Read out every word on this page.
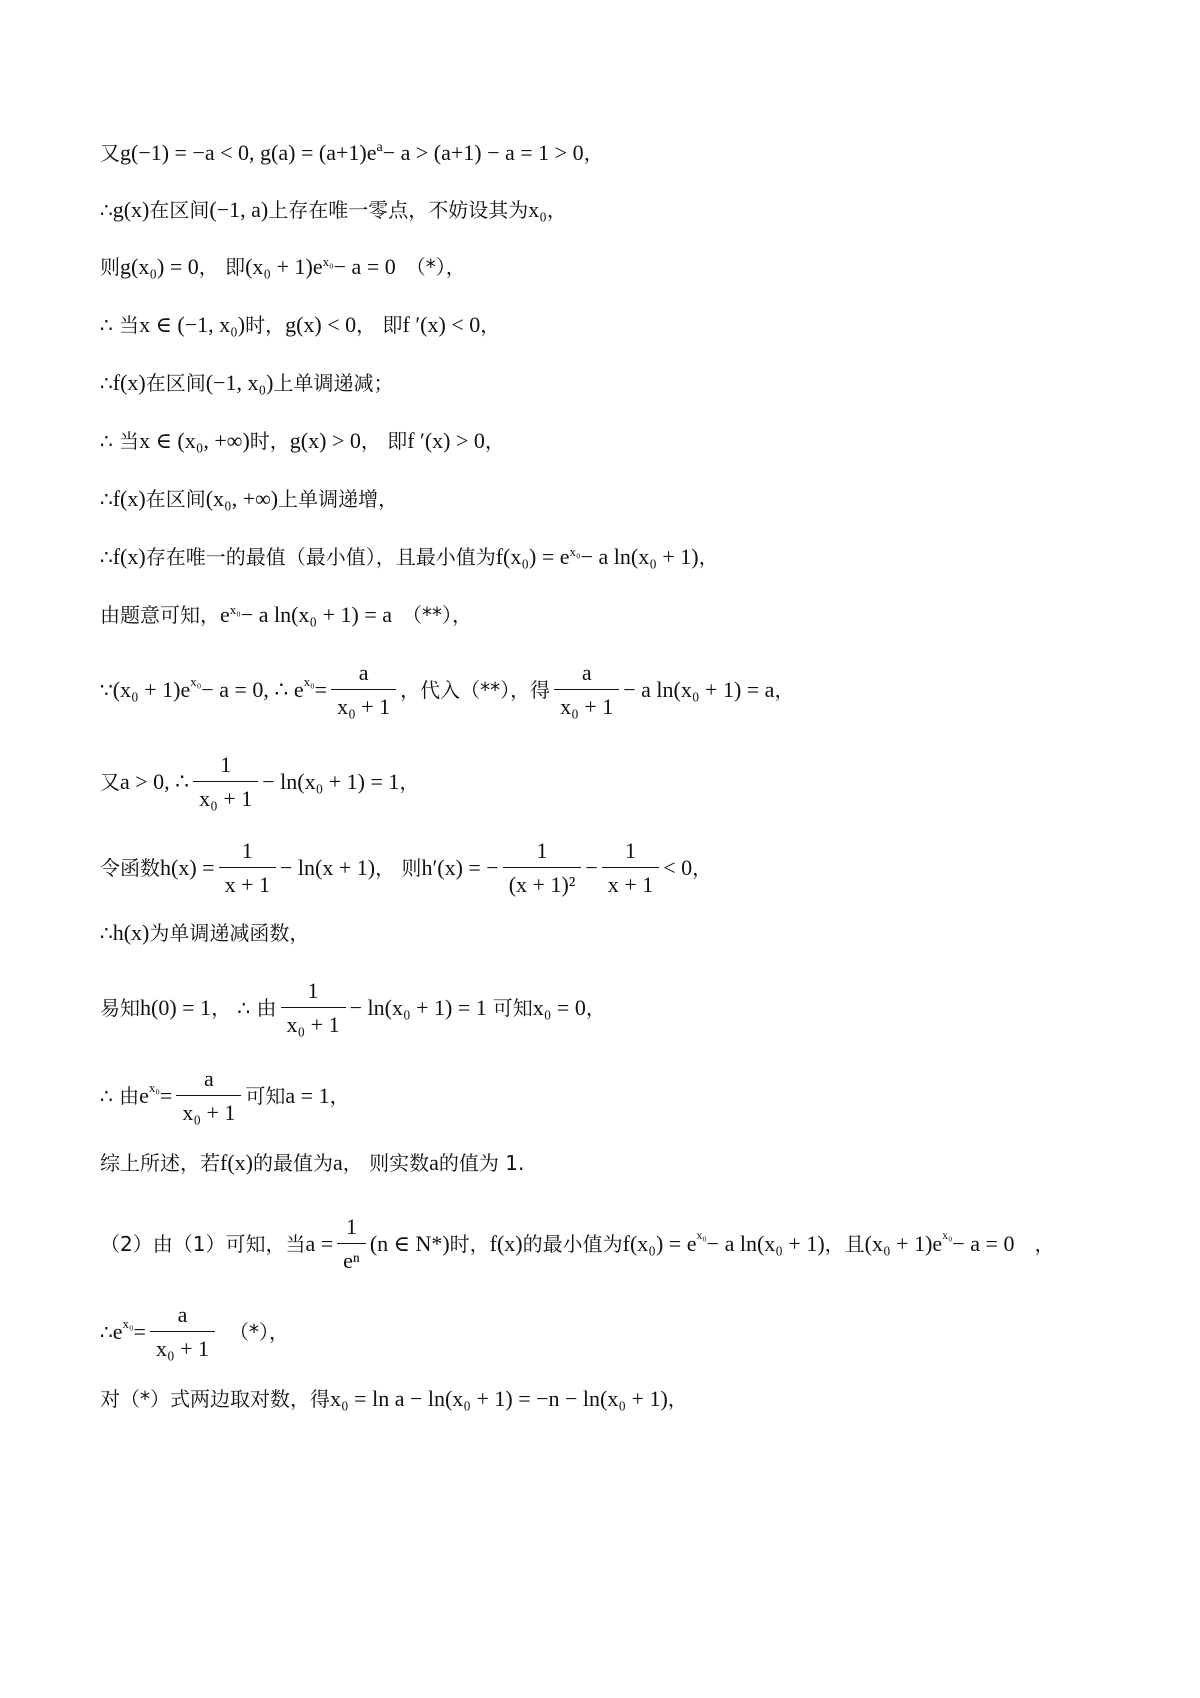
又 g(−1) = −a < 0, $g(a) = (a+1)e^a - a > (a+1) - a = 1 > 0$ ，
∴ g(x) 在区间 (−1, a) 上存在唯一零点，不妨设其为 x₀ ，
则 g(x₀) = 0 ， 即 $(x_0 + 1)e^{x_0} - a = 0$ （*），
∴ 当 x ∈ (−1, x₀) 时， g(x) < 0 ， 即 f ′(x) < 0 ，
∴ f(x) 在区间 (−1, x₀) 上单调递减；
∴ 当 x ∈ (x₀, +∞) 时， g(x) > 0 ， 即 f ′(x) > 0 ，
∴ f(x) 在区间 (x₀, +∞) 上单调递增，
∴ f(x) 存在唯一的最值（最小值），且最小值为 $f(x_0) = e^{x_0} - a$ ln(x₀ + 1) ，
由题意可知， $e^{x_0} - a$ ln(x₀ + 1) = a （**），
∵ $(x_0 + 1)e^{x_0} - a = 0$, ∴ $e^{x_0} = \frac{a}{\text{x₀ + 1}}$ ，代入（**），得 $\frac{a}{\text{x₀ + 1}} - a$ ln(x₀ + 1) = a ，
又 a > 0, ∴ $\frac{1}{\text{x₀ + 1}} - \ln(x_0 + 1) = 1$ ，
令函数 $h(x) = \frac{1}{x + 1} - \ln(x + 1)$ ， 则 h′(x) = − $\frac{1}{\text{(x + 1)²}} - \frac{1}{x + 1} < 0$ ，
∴ h(x) 为单调递减函数，
易知 h(0) = 1 ， ∴ 由 $\frac{1}{\text{x₀ + 1}} - \ln(x_0 + 1) = 1$ 可知 x₀ = 0 ，
∴ 由 $e^{x_0} = \frac{a}{\text{x₀ + 1}}$ 可知 a = 1 ，
综上所述，若 f(x) 的最值为 a ， 则实数 a 的值为 1.
（2）由（1）可知，当 $a = \frac{1}{\text{eⁿ}} (n$ ∈ N*) 时， f(x) 的最小值为 $f(x_0) = e^{x_0} - a$ ln(x₀ + 1) ，且 $(x_0 + 1)e^{x_0} - a = 0$ ，
∴ $e^{x_0} = \frac{a}{\text{x₀ + 1}}$ （*），
对（*）式两边取对数，得 x₀ = ln a − ln(x₀ + 1) = −n − ln(x₀ + 1) ，
